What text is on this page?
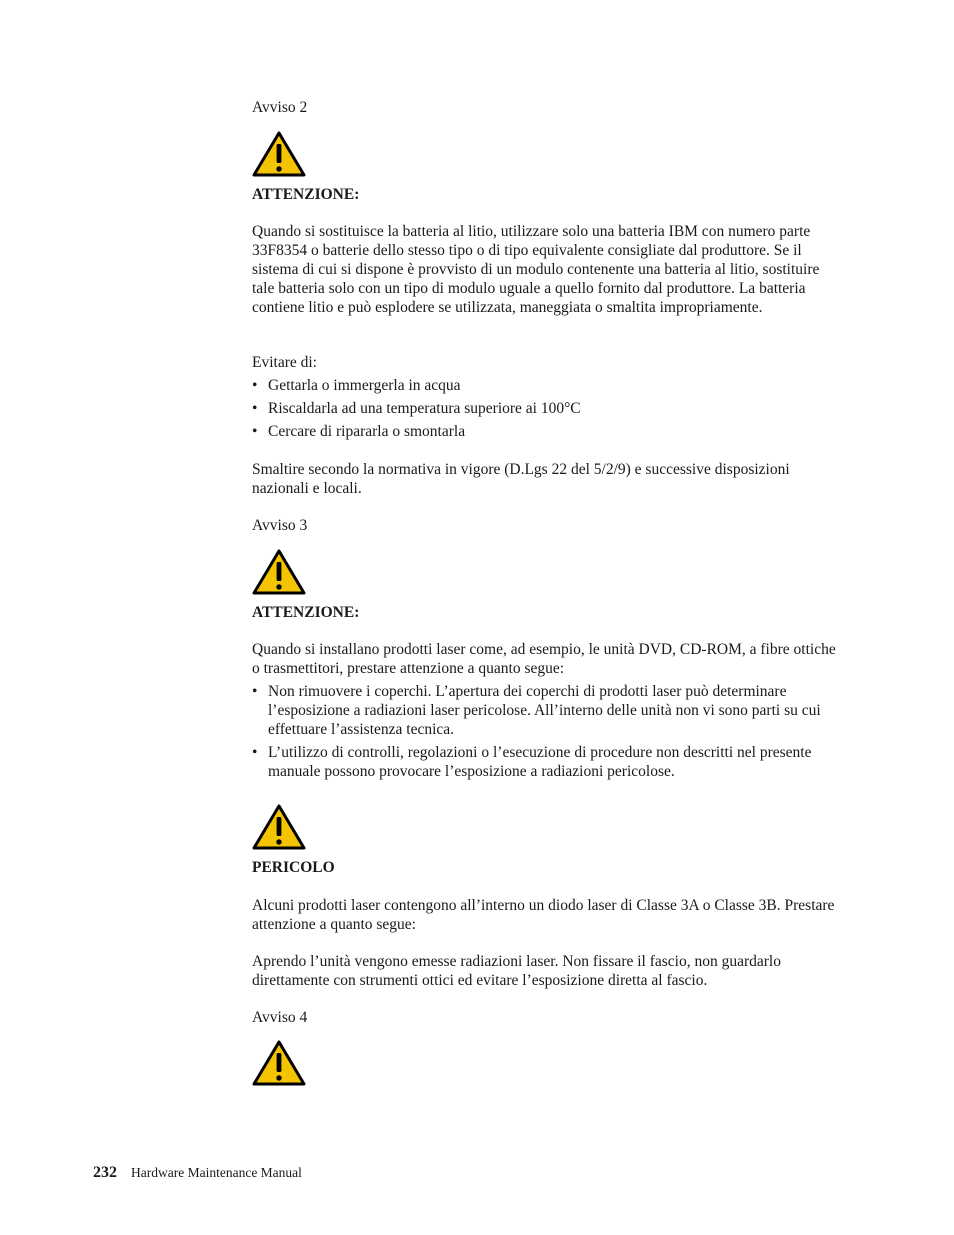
Avviso 2

ATTENZIONE:

Quando si sostituisce la batteria al litio, utilizzare solo una batteria IBM con numero parte 33F8354 o batterie dello stesso tipo o di tipo equivalente consigliate dal produttore. Se il sistema di cui si dispone è provvisto di un modulo contenente una batteria al litio, sostituire tale batteria solo con un tipo di modulo uguale a quello fornito dal produttore. La batteria contiene litio e può esplodere se utilizzata, maneggiata o smaltita impropriamente.

Evitare di:

• Gettarla o immergerla in acqua
• Riscaldarla ad una temperatura superiore ai 100°C
• Cercare di ripararla o smontarla

Smaltire secondo la normativa in vigore (D.Lgs 22 del 5/2/9) e successive disposizioni nazionali e locali.

Avviso 3

ATTENZIONE:

Quando si installano prodotti laser come, ad esempio, le unità DVD, CD-ROM, a fibre ottiche o trasmettitori, prestare attenzione a quanto segue:

• Non rimuovere i coperchi. L’apertura dei coperchi di prodotti laser può determinare l’esposizione a radiazioni laser pericolose. All’interno delle unità non vi sono parti su cui effettuare l’assistenza tecnica.
• L’utilizzo di controlli, regolazioni o l’esecuzione di procedure non descritti nel presente manuale possono provocare l’esposizione a radiazioni pericolose.

PERICOLO

Alcuni prodotti laser contengono all’interno un diodo laser di Classe 3A o Classe 3B. Prestare attenzione a quanto segue:

Aprendo l’unità vengono emesse radiazioni laser. Non fissare il fascio, non guardarlo direttamente con strumenti ottici ed evitare l’esposizione diretta al fascio.

Avviso 4

232 Hardware Maintenance Manual
